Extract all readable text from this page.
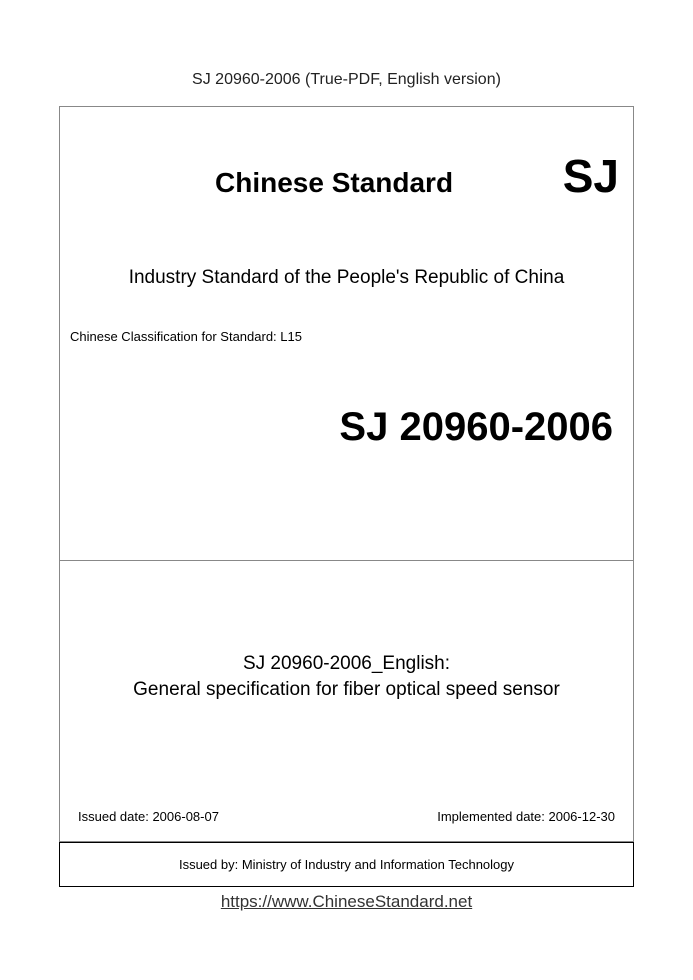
SJ 20960-2006 (True-PDF, English version)
Chinese Standard SJ
Industry Standard of the People's Republic of China
Chinese Classification for Standard: L15
SJ 20960-2006
SJ 20960-2006_English:
General specification for fiber optical speed sensor
Issued date: 2006-08-07	Implemented date: 2006-12-30
Issued by: Ministry of Industry and Information Technology
https://www.ChineseStandard.net
